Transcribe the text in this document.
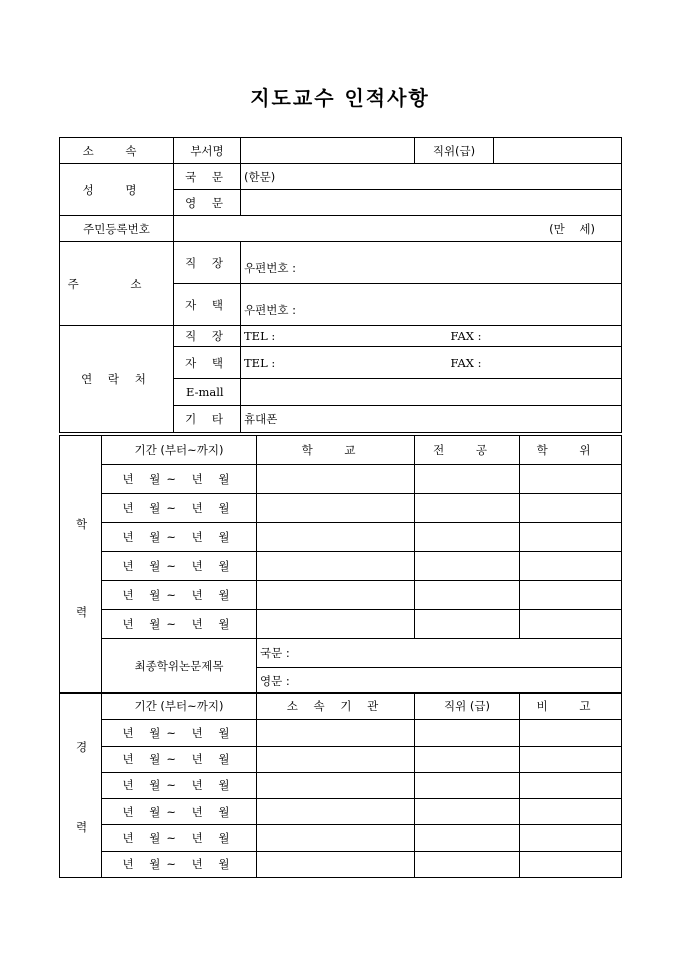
지도교수 인적사항
소 속	부서명		직위(급)	
성 명	국 문	(한문)		
	영 문			
주민등록번호	(만    세)			
주 소	직 장	우편번호 :		
	자 택	우편번호 :		
연 락 처	직 장	TEL :	FAX :	
	자 택	TEL :	FAX :	
	E-mall			
	기 타	휴대폰		
학
력	기간 (부터~까지)	학 교	전 공	학 위
	년 월~ 년 월			
	년 월~ 년 월			
	년 월~ 년 월			
	년 월~ 년 월			
	년 월~ 년 월			
	년 월~ 년 월			
	최종학위논문제목	국문 :		
		영문 :		
경
력	기간 (부터~까지)	소 속 기 관	직위 (급)	비 고
	년 월~ 년 월			
	년 월~ 년 월			
	년 월~ 년 월			
	년 월~ 년 월			
	년 월~ 년 월			
	년 월~ 년 월			
